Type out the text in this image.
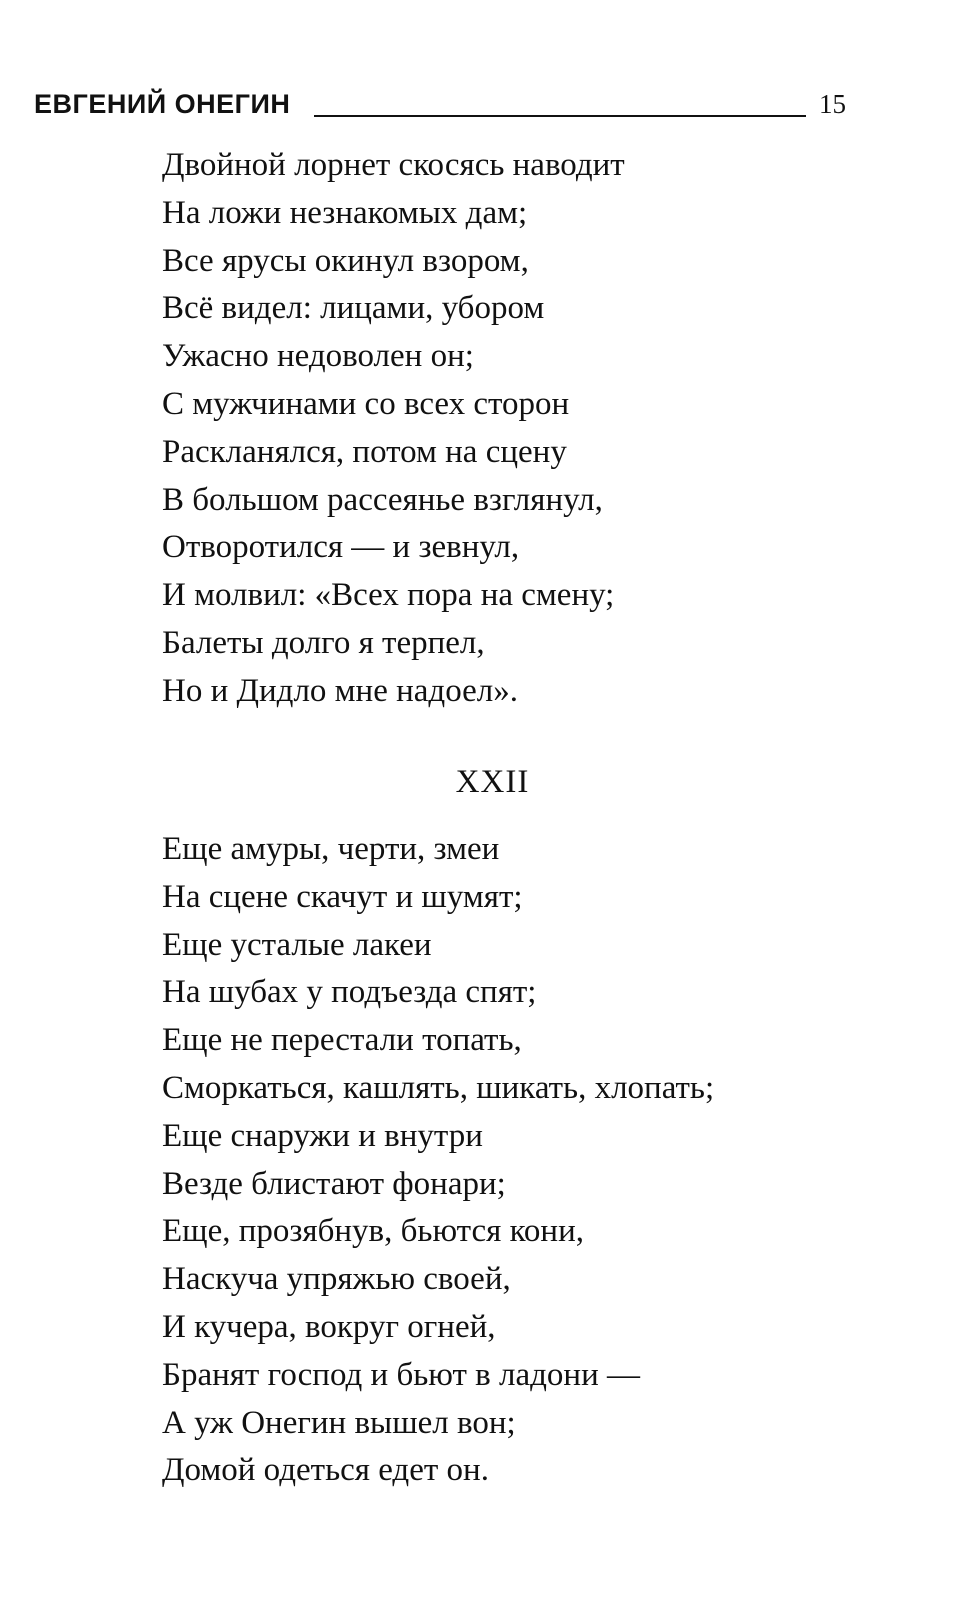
ЕВГЕНИЙ ОНЕГИН	15
Двойной лорнет скосясь наводит
На ложи незнакомых дам;
Все ярусы окинул взором,
Всё видел: лицами, убором
Ужасно недоволен он;
С мужчинами со всех сторон
Раскланялся, потом на сцену
В большом рассеянье взглянул,
Отворотился — и зевнул,
И молвил: «Всех пора на смену;
Балеты долго я терпел,
Но и Дидло мне надоел».
XXII
Еще амуры, черти, змеи
На сцене скачут и шумят;
Еще усталые лакеи
На шубах у подъезда спят;
Еще не перестали топать,
Сморкаться, кашлять, шикать, хлопать;
Еще снаружи и внутри
Везде блистают фонари;
Еще, прозябнув, бьются кони,
Наскуча упряжью своей,
И кучера, вокруг огней,
Бранят господ и бьют в ладони —
А уж Онегин вышел вон;
Домой одеться едет он.
